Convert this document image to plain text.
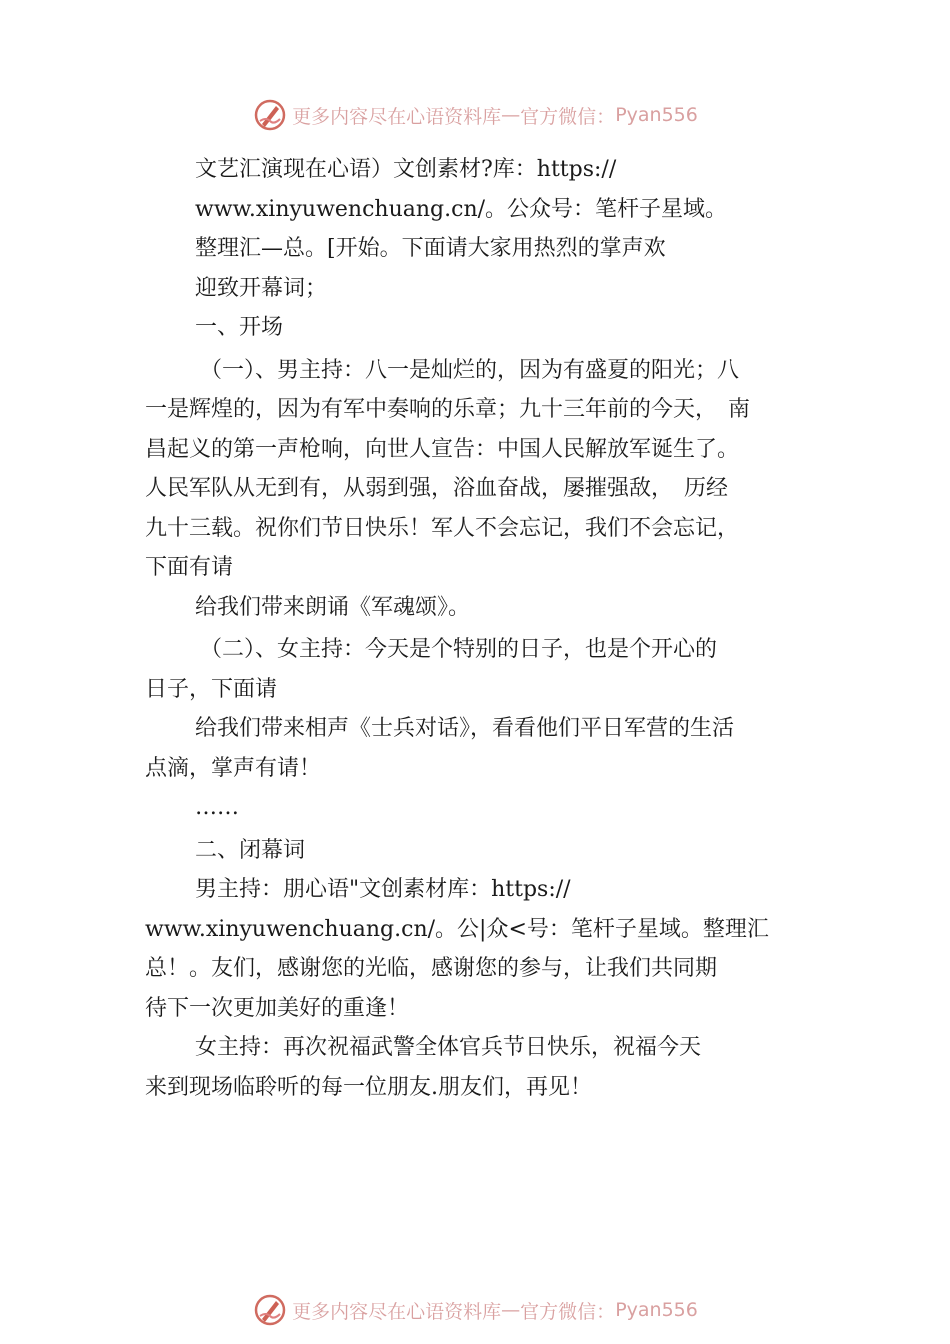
更多内容尽在心语资料库 — 官方微信： Pyan556
文艺汇演现在心语）文创素材?库：https://
www.xinyuwenchuang.cn/。公众号：笔杆子星域。
整理汇—总。[开始。下面请大家用热烈的掌声欢
迎致开幕词；
一、开场
（一）、男主持：八一是灿烂的，因为有盛夏的阳光；八
一是辉煌的，因为有军中奏响的乐章；九十三年前的今天，　南
昌起义的第一声枪响，向世人宣告：中国人民解放军诞生了。
人民军队从无到有，从弱到强，浴血奋战，屡摧强敌，　历经
九十三载。祝你们节日快乐！军人不会忘记，我们不会忘记，
下面有请
给我们带来朗诵《军魂颂》。
（二）、女主持：今天是个特别的日子，也是个开心的
日子，下面请
给我们带来相声《士兵对话》，看看他们平日军营的生活
点滴，掌声有请！
……
二、闭幕词
男主持：朋心语"文创素材库：https://
www.xinyuwenchuang.cn/。公|众<号：笔杆子星域。整理汇
总！。友们，感谢您的光临，感谢您的参与，让我们共同期
待下一次更加美好的重逢！
女主持：再次祝福武警全体官兵节日快乐，祝福今天
来到现场临聆听的每一位朋友.朋友们，再见！
更多内容尽在心语资料库 — 官方微信： Pyan556
